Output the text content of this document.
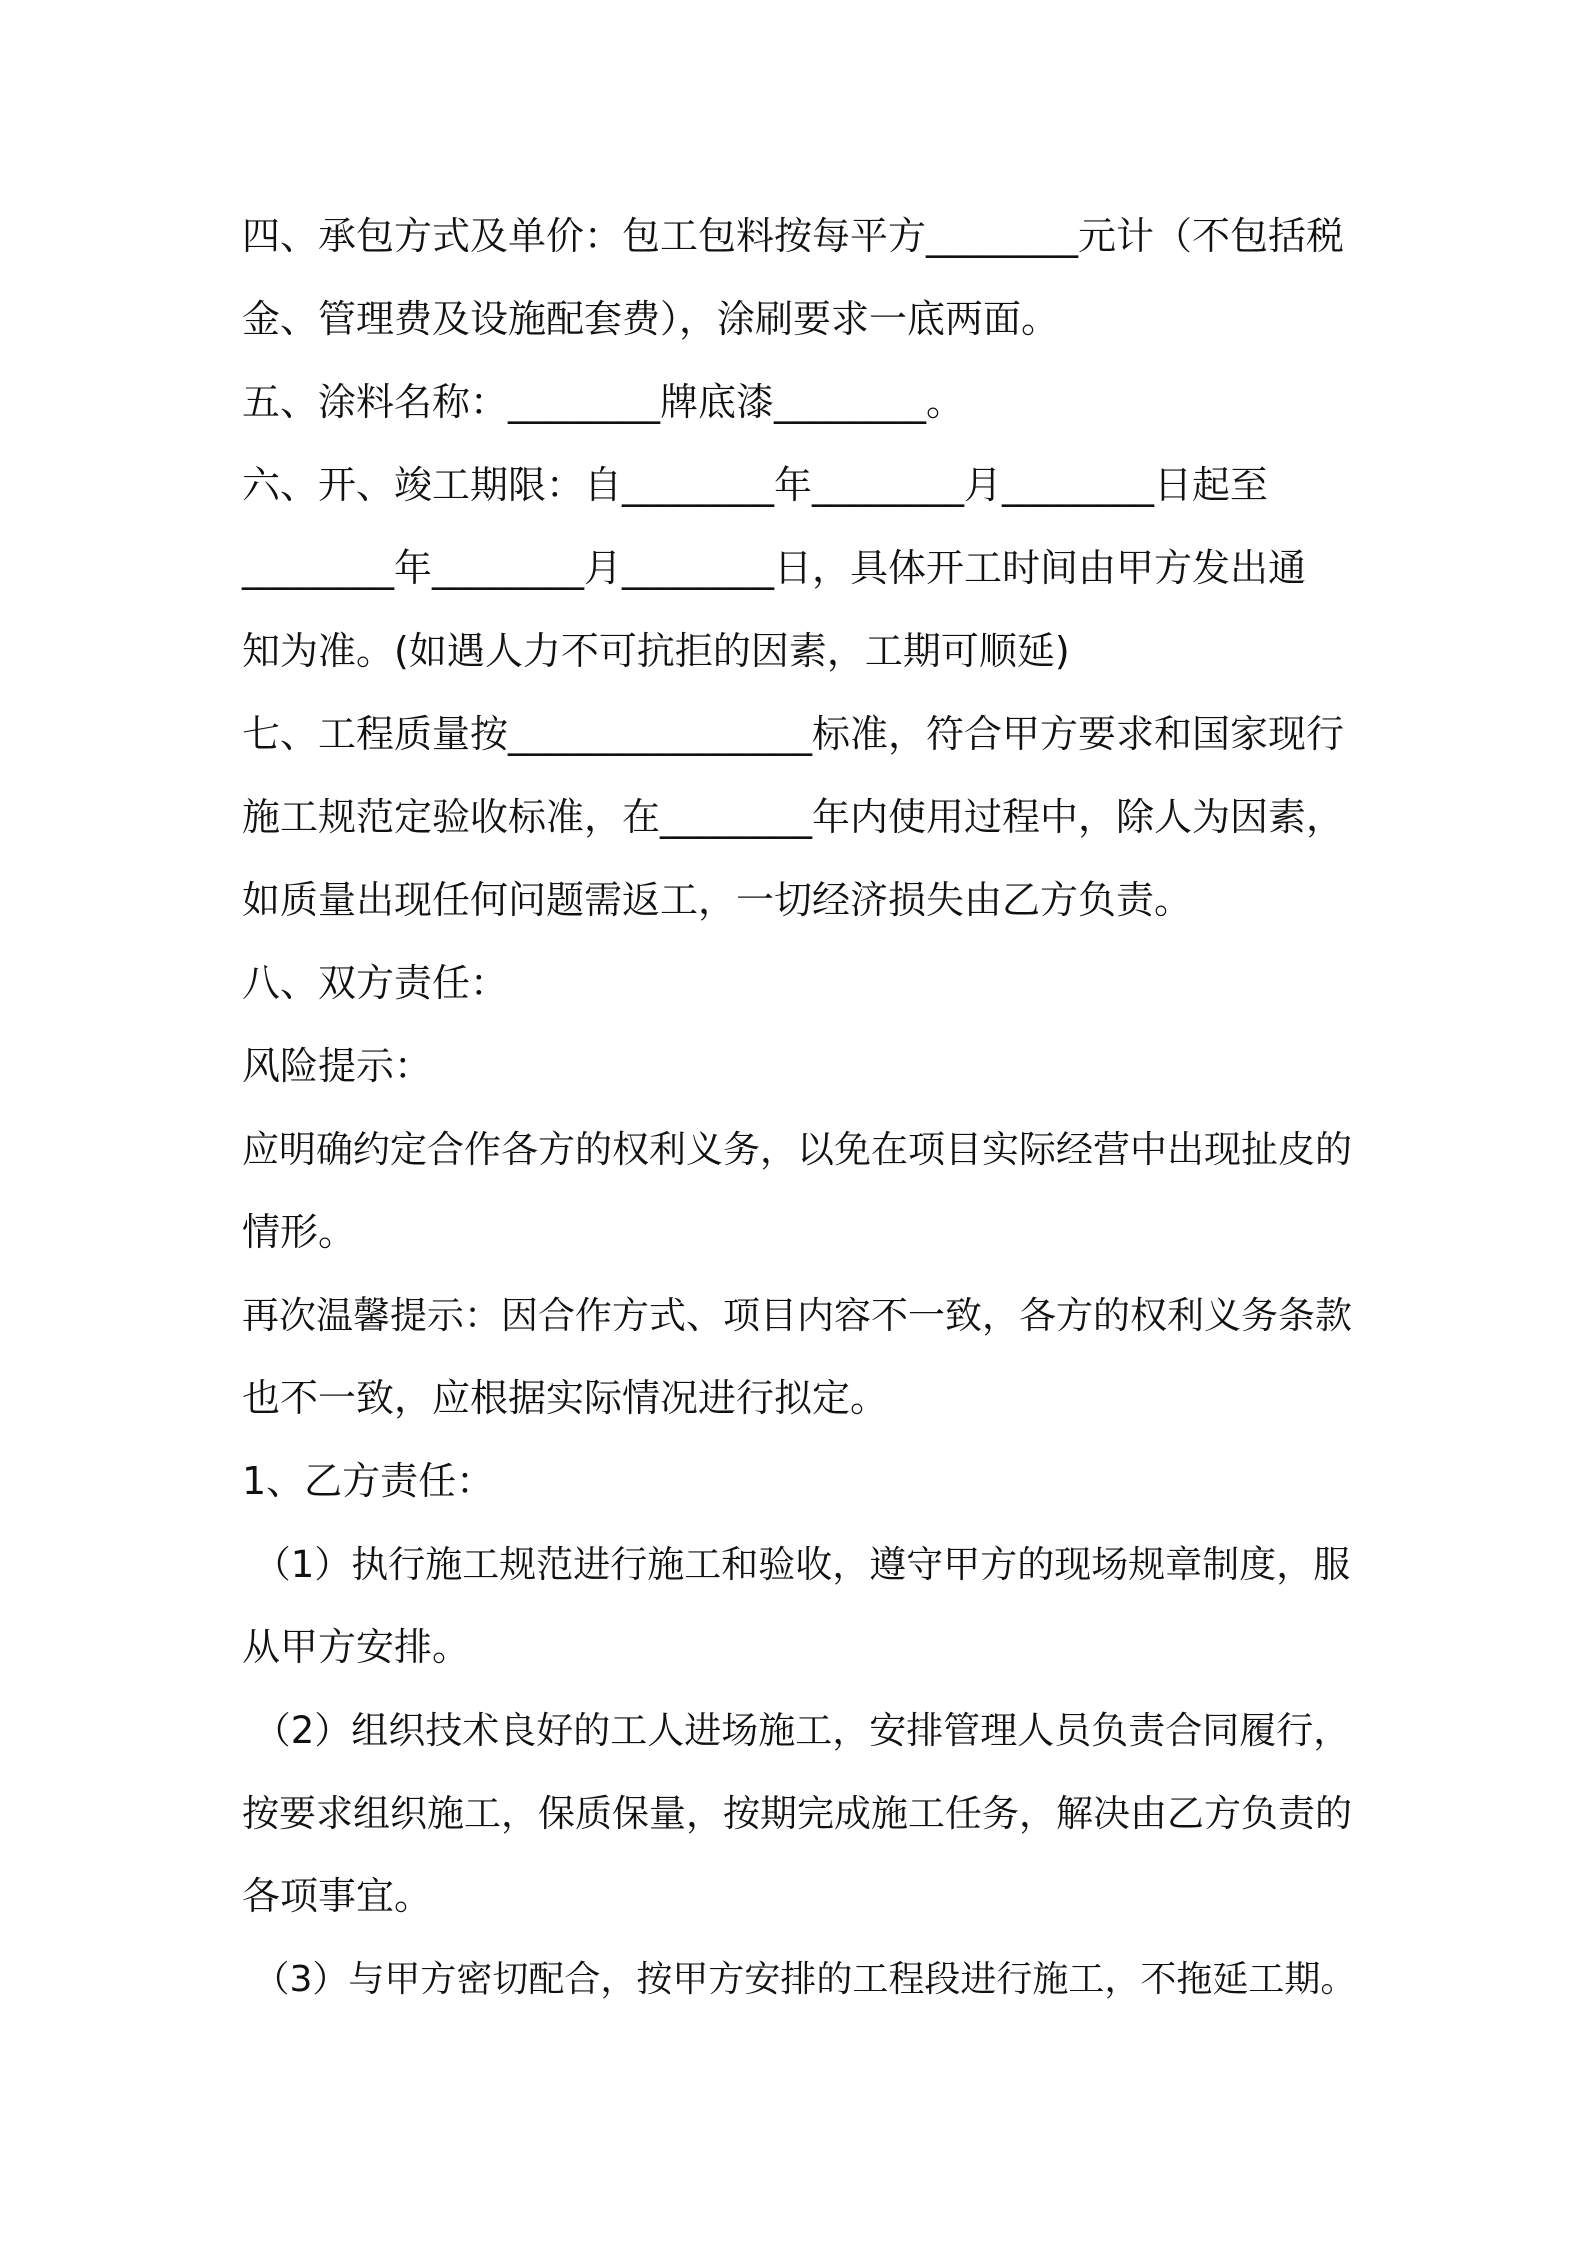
四、承包方式及单价：包工包料按每平方________元计（不包括税
金、管理费及设施配套费），涂刷要求一底两面。
五、涂料名称：________牌底漆________。
六、开、竣工期限：自________年________月________日起至
________年________月________日，具体开工时间由甲方发出通
知为准。(如遇人力不可抗拒的因素，工期可顺延)
七、工程质量按________________标准，符合甲方要求和国家现行
施工规范定验收标准，在________年内使用过程中，除人为因素，
如质量出现任何问题需返工，一切经济损失由乙方负责。
八、双方责任：
风险提示：
应明确约定合作各方的权利义务，以免在项目实际经营中出现扯皮的
情形。
再次温馨提示：因合作方式、项目内容不一致，各方的权利义务条款
也不一致，应根据实际情况进行拟定。
1、乙方责任：
（1）执行施工规范进行施工和验收，遵守甲方的现场规章制度，服
从甲方安排。
（2）组织技术良好的工人进场施工，安排管理人员负责合同履行，
按要求组织施工，保质保量，按期完成施工任务，解决由乙方负责的
各项事宜。
（3）与甲方密切配合，按甲方安排的工程段进行施工，不拖延工期。
